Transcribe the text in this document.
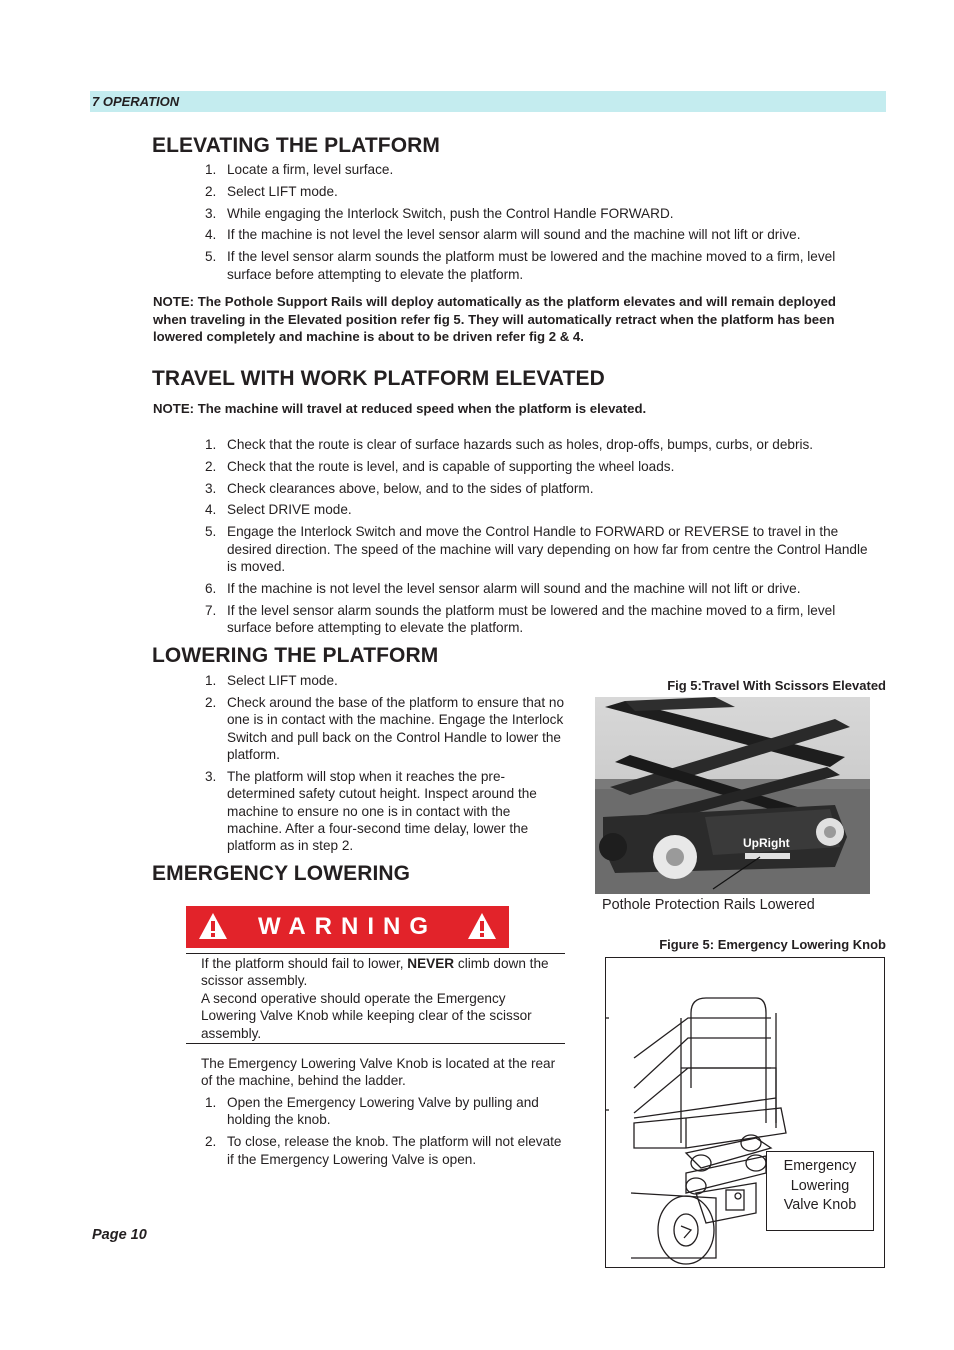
7 OPERATION
ELEVATING THE PLATFORM
1. Locate a firm, level surface.
2. Select LIFT mode.
3. While engaging the Interlock Switch, push the Control Handle FORWARD.
4. If the machine is not level the level sensor alarm will sound and the machine will not lift or drive.
5. If the level sensor alarm sounds the platform must be lowered and the machine moved to a firm, level surface before attempting to elevate the platform.
NOTE: The Pothole Support Rails will deploy automatically as the platform elevates and will remain deployed when traveling in the Elevated position refer fig 5. They will automatically retract when the platform has been lowered completely and machine is about to be driven refer fig 2 & 4.
TRAVEL WITH WORK PLATFORM ELEVATED
NOTE: The machine will travel at reduced speed when the platform is elevated.
1. Check that the route is clear of surface hazards such as holes, drop-offs, bumps, curbs, or debris.
2. Check that the route is level, and is capable of supporting the wheel loads.
3. Check clearances above, below, and to the sides of platform.
4. Select DRIVE mode.
5. Engage the Interlock Switch and move the Control Handle to FORWARD or REVERSE to travel in the desired direction. The speed of the machine will vary depending on how far from centre the Control Handle is moved.
6. If the machine is not level the level sensor alarm will sound and the machine will not lift or drive.
7. If the level sensor alarm sounds the platform must be lowered and the machine moved to a firm, level surface before attempting to elevate the platform.
LOWERING THE PLATFORM
1. Select LIFT mode.
2. Check around the base of the platform to ensure that no one is in contact with the machine. Engage the Interlock Switch and pull back on the Control Handle to lower the platform.
3. The platform will stop when it reaches the pre-determined safety cutout height. Inspect around the machine to ensure no one is in contact with the machine. After a four-second time delay, lower the platform as in step 2.
EMERGENCY LOWERING
WARNING
If the platform should fail to lower, NEVER climb down the scissor assembly.
A second operative should operate the Emergency Lowering Valve Knob while keeping clear of the scissor assembly.
The Emergency Lowering Valve Knob is located at the rear of the machine, behind the ladder.
1. Open the Emergency Lowering Valve by pulling and holding the knob.
2. To close, release the knob. The platform will not elevate if the Emergency Lowering Valve is open.
Fig 5:Travel With Scissors Elevated
UpRight
Pothole Protection Rails Lowered
Figure 5: Emergency Lowering Knob
Emergency
Lowering
Valve Knob
Page 10
